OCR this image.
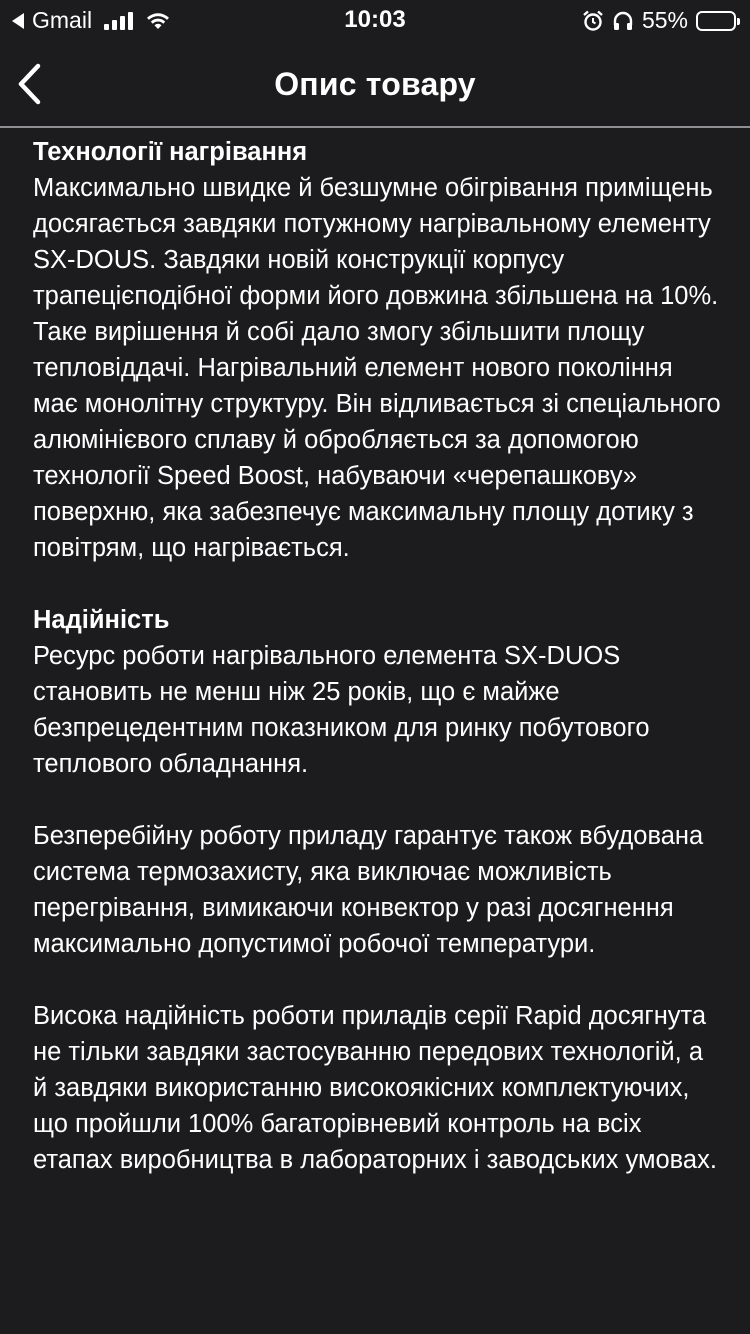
Gmail	10:03	55%
Опис товару

Технології нагрівання

Максимально швидке й безшумне обігрівання приміщень досягається завдяки потужному нагрівальному елементу SX-DOUS. Завдяки новій конструкції корпусу трапецієподібної форми його довжина збільшена на 10%. Таке вирішення й собі дало змогу збільшити площу тепловіддачі. Нагрівальний елемент нового покоління має монолітну структуру. Він відливається зі спеціального алюмінієвого сплаву й обробляється за допомогою технології Speed Boost, набуваючи «черепашкову» поверхню, яка забезпечує максимальну площу дотику з повітрям, що нагрівається.

Надійність

Ресурс роботи нагрівального елемента SX-DUOS становить не менш ніж 25 років, що є майже безпрецедентним показником для ринку побутового теплового обладнання.

Безперебійну роботу приладу гарантує також вбудована система термозахисту, яка виключає можливість перегрівання, вимикаючи конвектор у разі досягнення максимально допустимої робочої температури.

Висока надійність роботи приладів серії Rapid досягнута не тільки завдяки застосуванню передових технологій, а й завдяки використанню високоякісних комплектуючих, що пройшли 100% багаторівневий контроль на всіх етапах виробництва в лабораторних і заводських умовах.
